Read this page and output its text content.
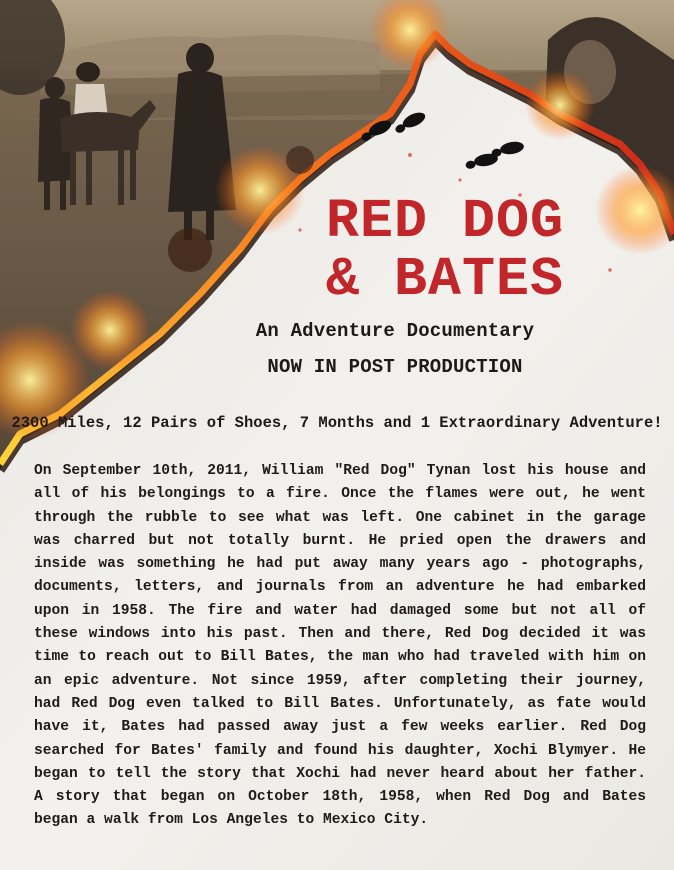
RED DOG
& BATES
An Adventure Documentary
NOW IN POST PRODUCTION
2300 Miles, 12 Pairs of Shoes, 7 Months and 1 Extraordinary Adventure!

On September 10th, 2011, William "Red Dog" Tynan lost his house and all of his belongings to a fire. Once the flames were out, he went through the rubble to see what was left. One cabinet in the garage was charred but not totally burnt. He pried open the drawers and inside was something he had put away many years ago - photographs, documents, letters, and journals from an adventure he had embarked upon in 1958. The fire and water had damaged some but not all of these windows into his past. Then and there, Red Dog decided it was time to reach out to Bill Bates, the man who had traveled with him on an epic adventure. Not since 1959, after completing their journey, had Red Dog even talked to Bill Bates. Unfortunately, as fate would have it, Bates had passed away just a few weeks earlier. Red Dog searched for Bates' family and found his daughter, Xochi Blymyer. He began to tell the story that Xochi had never heard about her father. A story that began on October 18th, 1958, when Red Dog and Bates began a walk from Los Angeles to Mexico City.
